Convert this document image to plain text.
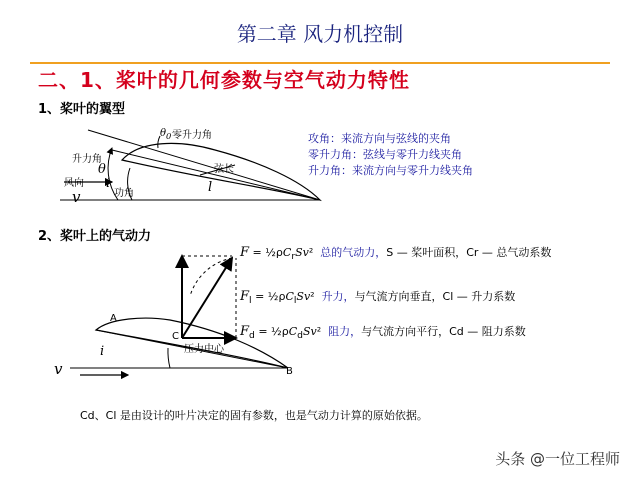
第二章 风力机控制
二、1、桨叶的几何参数与空气动力特性
1、桨叶的翼型
$\theta_0$ 零升力角
升力角
θ
风向
v
i
功角
弦长
l
攻角：来流方向与弦线的夹角
零升力角：弦线与零升力线夹角
升力角：来流方向与零升力线夹角
2、桨叶上的气动力
A
C
压力中心
B
i
v
$F = \frac{1}{2}\rho C_rSv^2$  总的气动力，S — 桨叶面积，Cr — 总气动系数
$F_l$ = $\frac{1}{2}\rho C_lSv^2$  升力，与气流方向垂直，Cl — 升力系数
$F_d$ = $\frac{1}{2}\rho C_dSv^2$  阻力，与气流方向平行，Cd — 阻力系数
Cd、Cl 是由设计的叶片决定的固有参数，也是气动力计算的原始依据。
头条 @一位工程师
